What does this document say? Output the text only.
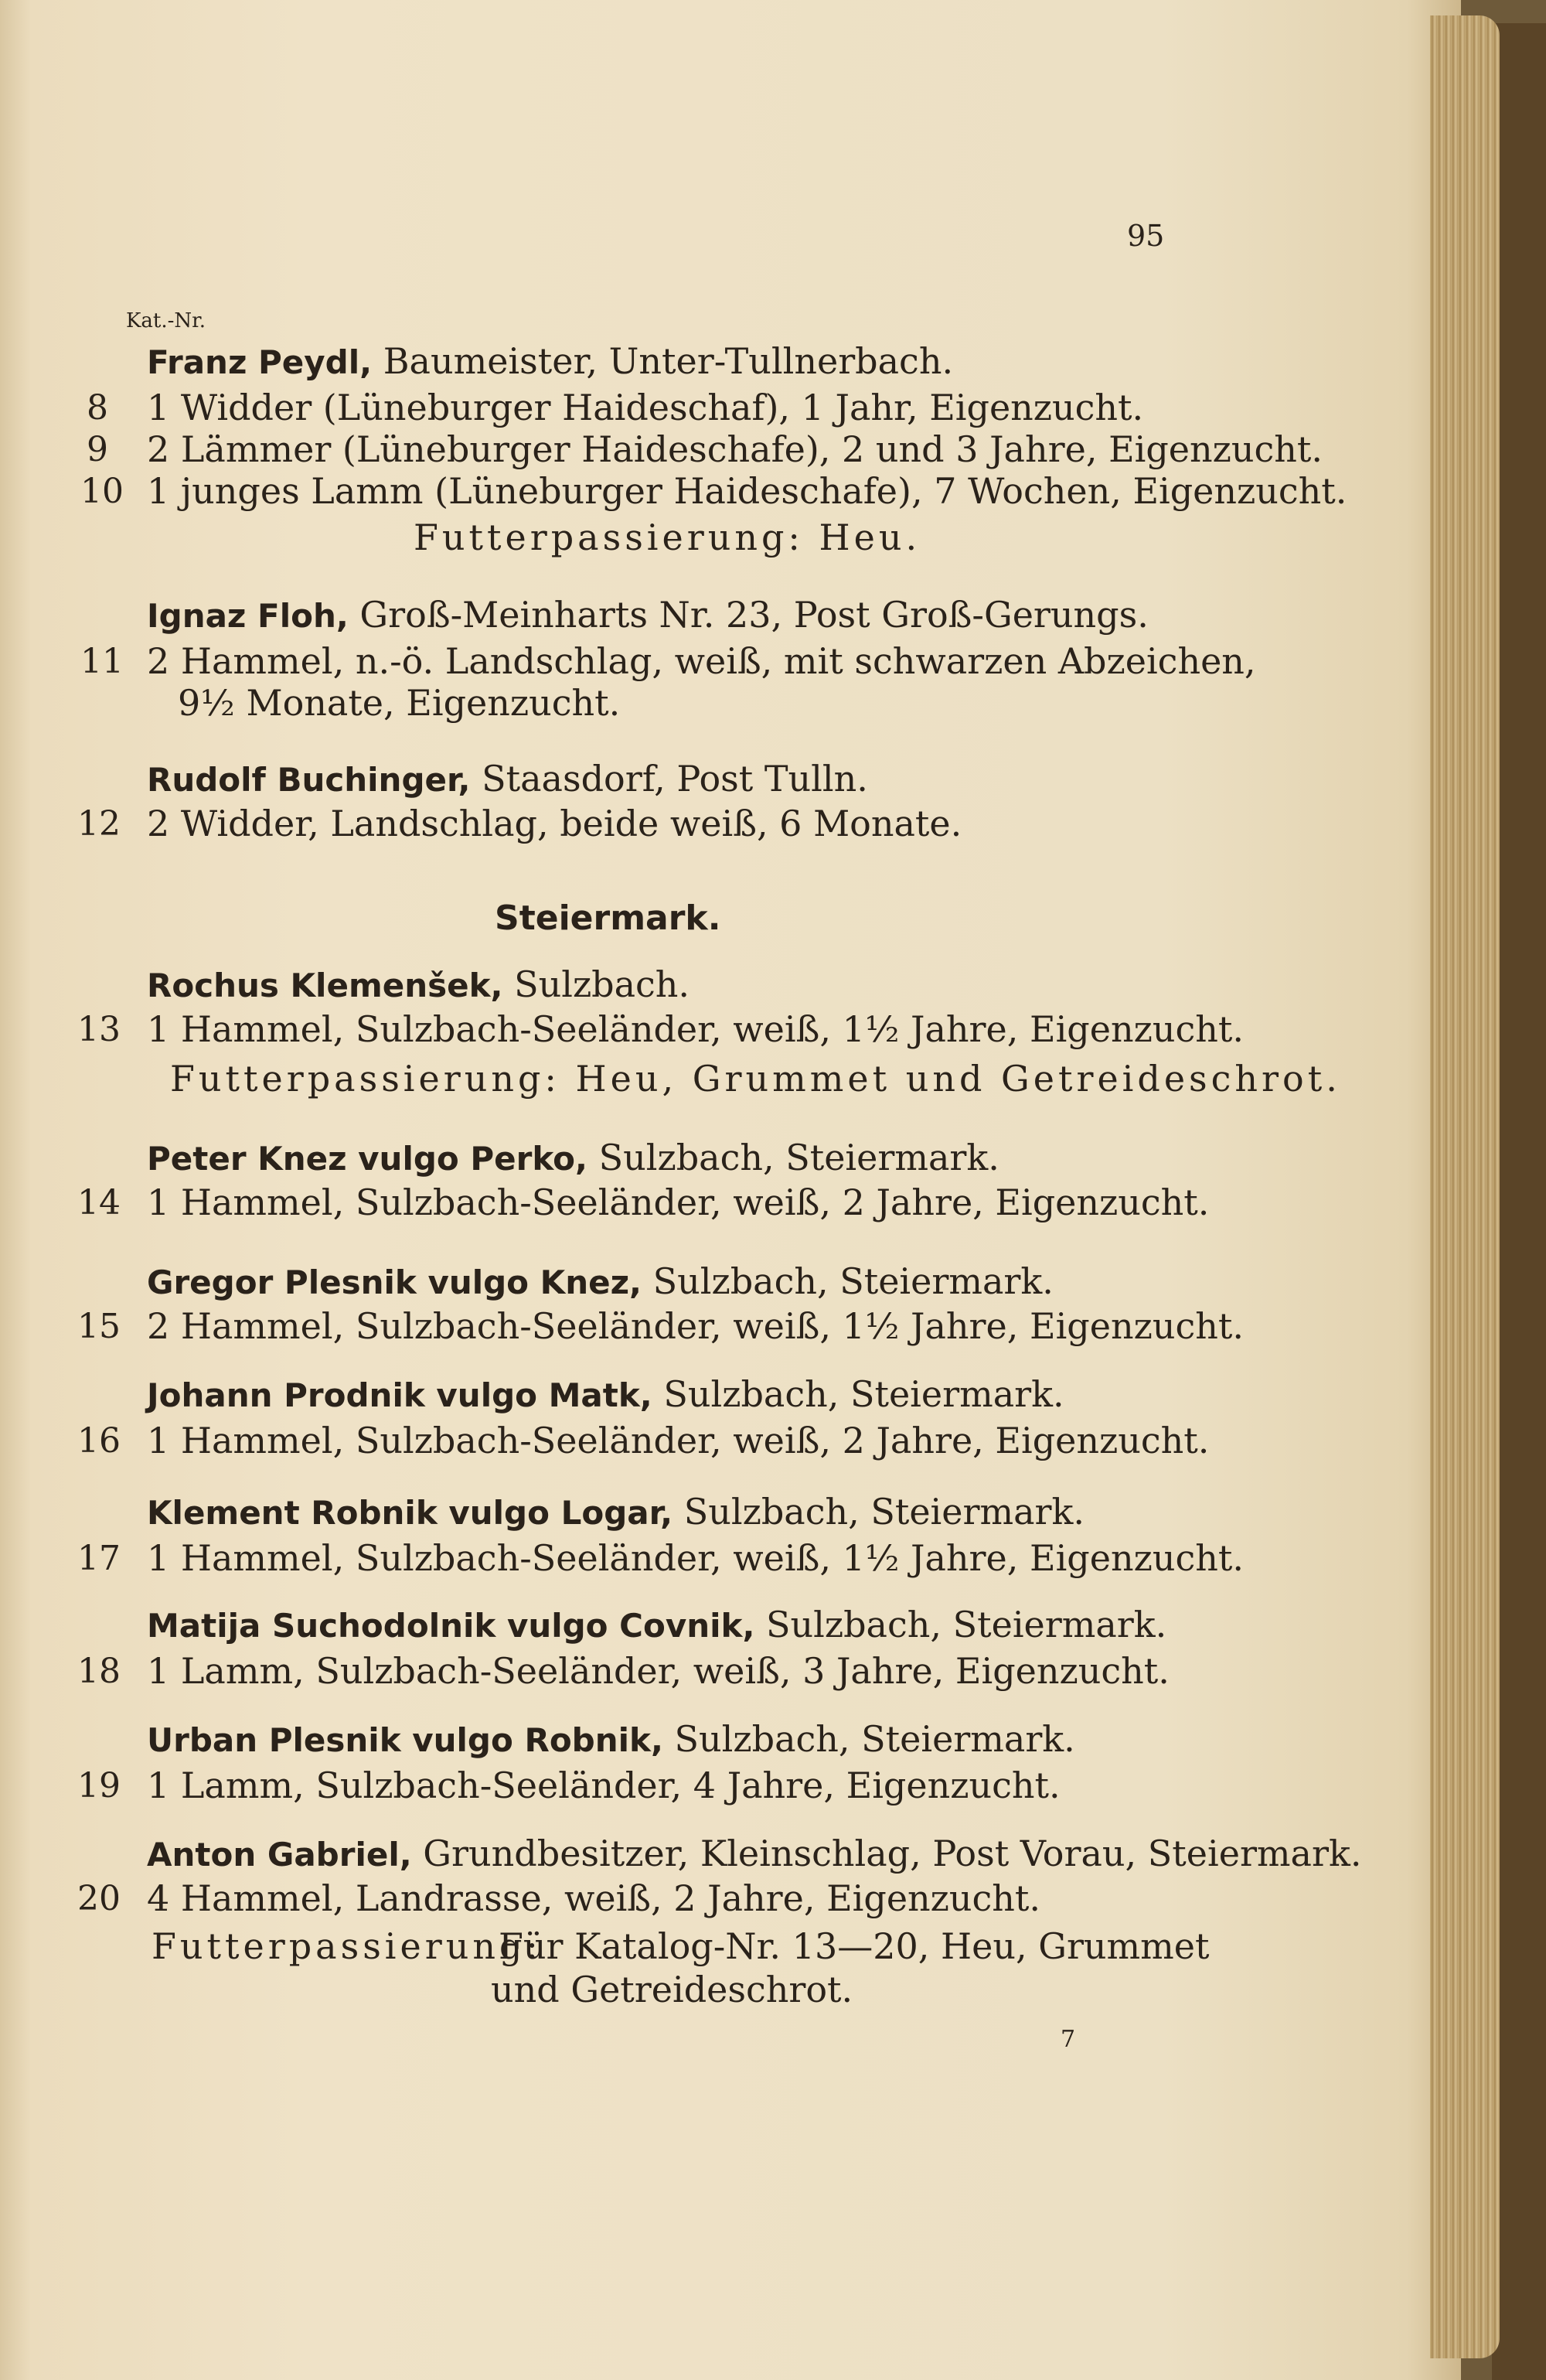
95
Kat.-Nr.
Franz Peydl, Baumeister, Unter-Tullnerbach.
8 1 Widder (Lüneburger Haideschaf), 1 Jahr, Eigenzucht.
9 2 Lämmer (Lüneburger Haideschafe), 2 und 3 Jahre, Eigenzucht.
10 1 junges Lamm (Lüneburger Haideschafe), 7 Wochen, Eigenzucht.
Futterpassierung: Heu.
Ignaz Floh, Groß-Meinharts Nr. 23, Post Groß-Gerungs.
11 2 Hammel, n.-ö. Landschlag, weiß, mit schwarzen Abzeichen,
9½ Monate, Eigenzucht.
Rudolf Buchinger, Staasdorf, Post Tulln.
12 2 Widder, Landschlag, beide weiß, 6 Monate.
Steiermark.
Rochus Klemenšek, Sulzbach.
13 1 Hammel, Sulzbach-Seeländer, weiß, 1½ Jahre, Eigenzucht.
Futterpassierung: Heu, Grummet und Getreideschrot.
Peter Knez vulgo Perko, Sulzbach, Steiermark.
14 1 Hammel, Sulzbach-Seeländer, weiß, 2 Jahre, Eigenzucht.
Gregor Plesnik vulgo Knez, Sulzbach, Steiermark.
15 2 Hammel, Sulzbach-Seeländer, weiß, 1½ Jahre, Eigenzucht.
Johann Prodnik vulgo Matk, Sulzbach, Steiermark.
16 1 Hammel, Sulzbach-Seeländer, weiß, 2 Jahre, Eigenzucht.
Klement Robnik vulgo Logar, Sulzbach, Steiermark.
17 1 Hammel, Sulzbach-Seeländer, weiß, 1½ Jahre, Eigenzucht.
Matija Suchodolnik vulgo Covnik, Sulzbach, Steiermark.
18 1 Lamm, Sulzbach-Seeländer, weiß, 3 Jahre, Eigenzucht.
Urban Plesnik vulgo Robnik, Sulzbach, Steiermark.
19 1 Lamm, Sulzbach-Seeländer, 4 Jahre, Eigenzucht.
Anton Gabriel, Grundbesitzer, Kleinschlag, Post Vorau, Steiermark.
20 4 Hammel, Landrasse, weiß, 2 Jahre, Eigenzucht.
Futterpassierung:
Für Katalog-Nr. 13—20, Heu, Grummet
und Getreideschrot.
7
